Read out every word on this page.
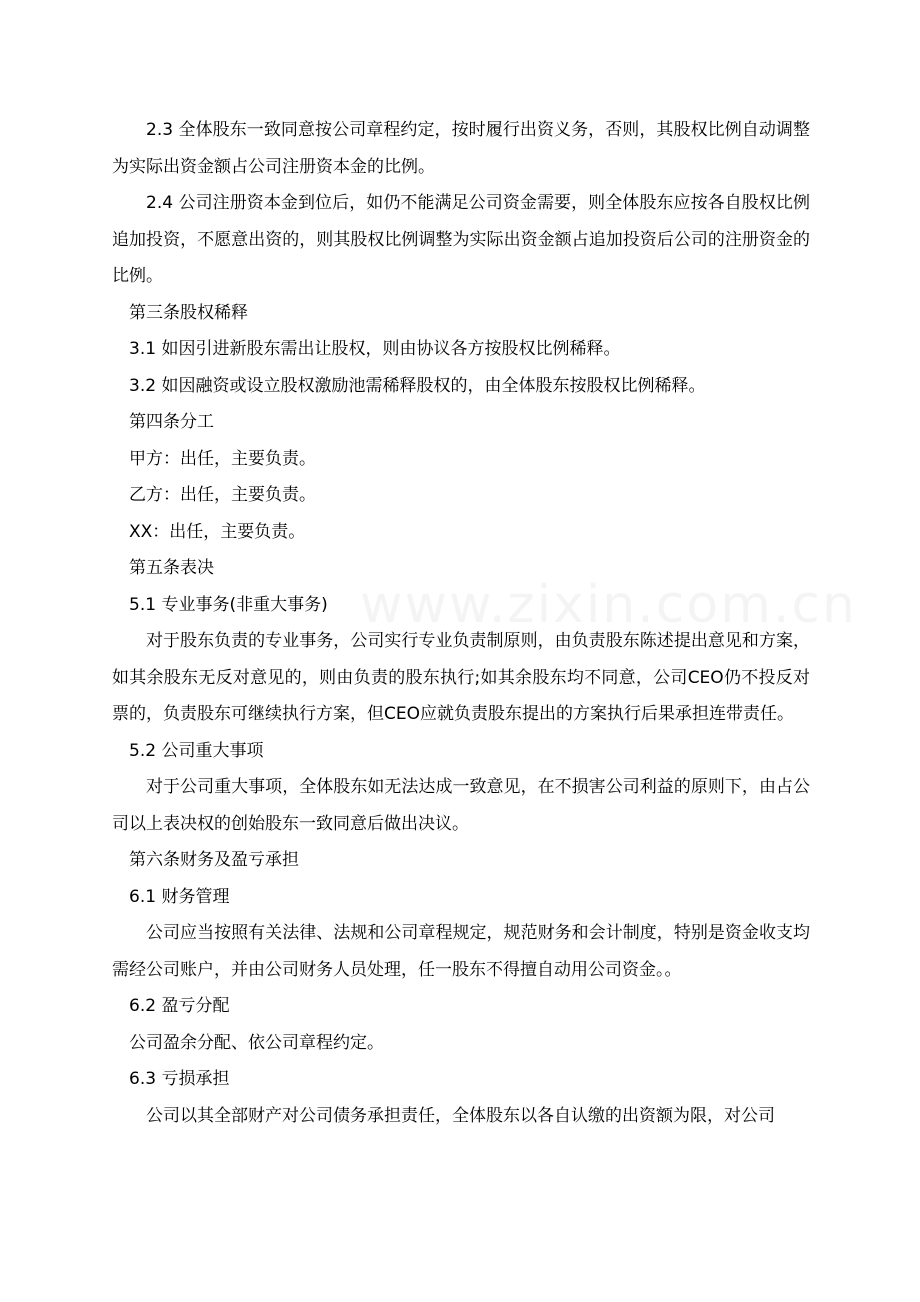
2.3 全体股东一致同意按公司章程约定，按时履行出资义务，否则，其股权比例自动调整为实际出资金额占公司注册资本金的比例。

2.4 公司注册资本金到位后，如仍不能满足公司资金需要，则全体股东应按各自股权比例追加投资，不愿意出资的，则其股权比例调整为实际出资金额占追加投资后公司的注册资金的比例。

第三条股权稀释

3.1 如因引进新股东需出让股权，则由协议各方按股权比例稀释。

3.2 如因融资或设立股权激励池需稀释股权的，由全体股东按股权比例稀释。

第四条分工

甲方：出任，主要负责。

乙方：出任，主要负责。

XX：出任，主要负责。

第五条表决

5.1 专业事务(非重大事务)

对于股东负责的专业事务，公司实行专业负责制原则，由负责股东陈述提出意见和方案，如其余股东无反对意见的，则由负责的股东执行;如其余股东均不同意，公司CEO仍不投反对票的，负责股东可继续执行方案，但CEO应就负责股东提出的方案执行后果承担连带责任。

5.2 公司重大事项

对于公司重大事项，全体股东如无法达成一致意见，在不损害公司利益的原则下，由占公司以上表决权的创始股东一致同意后做出决议。

第六条财务及盈亏承担

6.1 财务管理

公司应当按照有关法律、法规和公司章程规定，规范财务和会计制度，特别是资金收支均需经公司账户，并由公司财务人员处理，任一股东不得擅自动用公司资金。。

6.2 盈亏分配

公司盈余分配、依公司章程约定。

6.3 亏损承担

公司以其全部财产对公司债务承担责任，全体股东以各自认缴的出资额为限，对公司
